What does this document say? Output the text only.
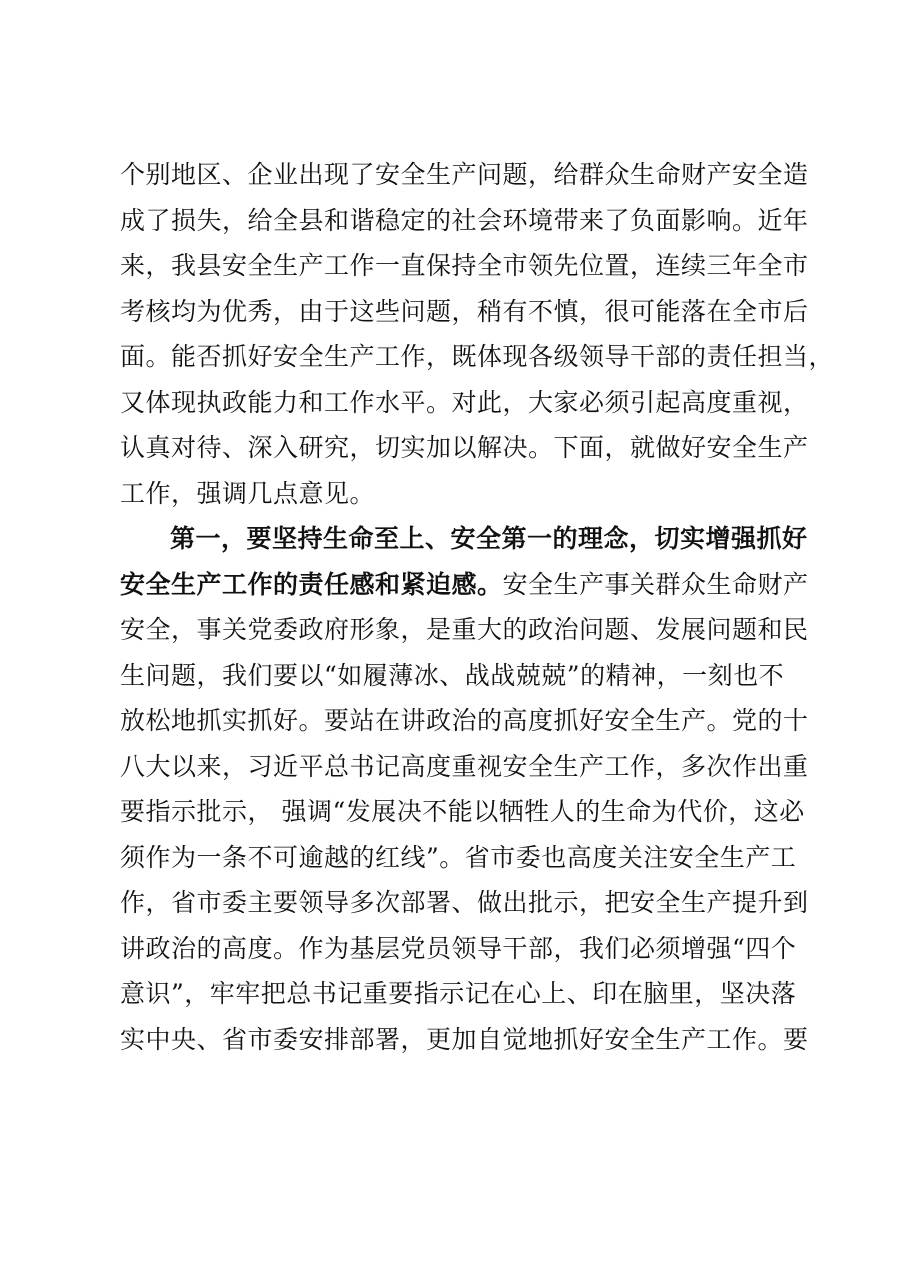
个别地区、企业出现了安全生产问题，给群众生命财产安全造
成了损失，给全县和谐稳定的社会环境带来了负面影响。近年
来，我县安全生产工作一直保持全市领先位置，连续三年全市
考核均为优秀，由于这些问题，稍有不慎，很可能落在全市后
面。能否抓好安全生产工作，既体现各级领导干部的责任担当，
又体现执政能力和工作水平。对此，大家必须引起高度重视，
认真对待、深入研究，切实加以解决。下面，就做好安全生产
工作，强调几点意见。
第一，要坚持生命至上、安全第一的理念，切实增强抓好
安全生产工作的责任感和紧迫感。安全生产事关群众生命财产
安全，事关党委政府形象，是重大的政治问题、发展问题和民
生问题，我们要以“如履薄冰、战战兢兢”的精神，一刻也不
放松地抓实抓好。要站在讲政治的高度抓好安全生产。党的十
八大以来，习近平总书记高度重视安全生产工作，多次作出重
要指示批示， 强调“发展决不能以牺牲人的生命为代价，这必
须作为一条不可逾越的红线”。省市委也高度关注安全生产工
作，省市委主要领导多次部署、做出批示，把安全生产提升到
讲政治的高度。作为基层党员领导干部，我们必须增强“四个
意识”，牢牢把总书记重要指示记在心上、印在脑里，坚决落
实中央、省市委安排部署，更加自觉地抓好安全生产工作。要
